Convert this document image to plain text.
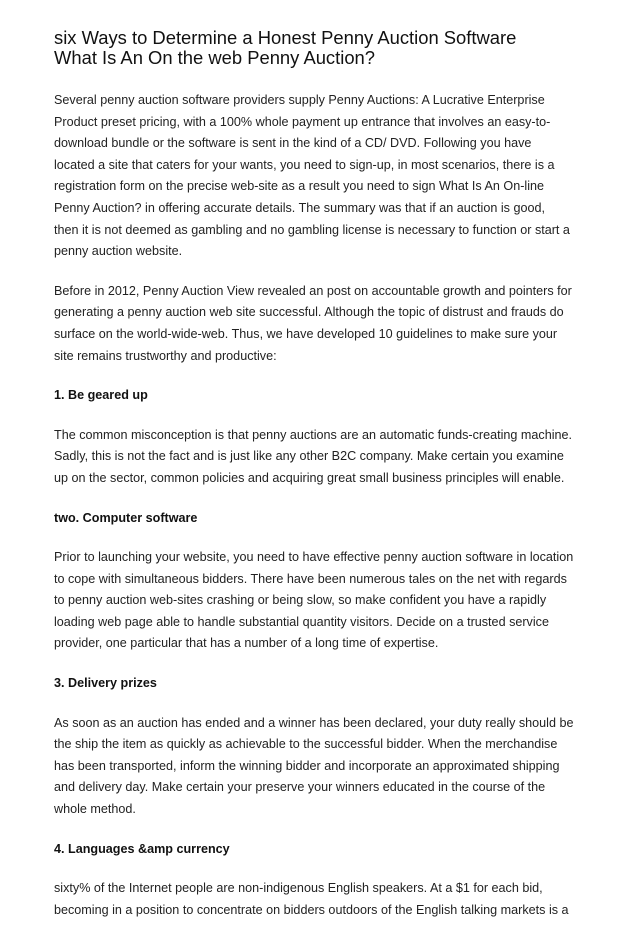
six Ways to Determine a Honest Penny Auction Software
What Is An On the web Penny Auction?

Several penny auction software providers supply Penny Auctions: A Lucrative Enterprise
Product preset pricing, with a 100% whole payment up entrance that involves an easy-to-
download bundle or the software is sent in the kind of a CD/ DVD. Following you have
located a site that caters for your wants, you need to sign-up, in most scenarios, there is a
registration form on the precise web-site as a result you need to sign What Is An On-line
Penny Auction? in offering accurate details. The summary was that if an auction is good,
then it is not deemed as gambling and no gambling license is necessary to function or start a
penny auction website.

Before in 2012, Penny Auction View revealed an post on accountable growth and pointers for
generating a penny auction web site successful. Although the topic of distrust and frauds do
surface on the world-wide-web. Thus, we have developed 10 guidelines to make sure your
site remains trustworthy and productive:

1. Be geared up

The common misconception is that penny auctions are an automatic funds-creating machine.
Sadly, this is not the fact and is just like any other B2C company. Make certain you examine
up on the sector, common policies and acquiring great small business principles will enable.

two. Computer software

Prior to launching your website, you need to have effective penny auction software in location
to cope with simultaneous bidders. There have been numerous tales on the net with regards
to penny auction web-sites crashing or being slow, so make confident you have a rapidly
loading web page able to handle substantial quantity visitors. Decide on a trusted service
provider, one particular that has a number of a long time of expertise.

3. Delivery prizes

As soon as an auction has ended and a winner has been declared, your duty really should be
the ship the item as quickly as achievable to the successful bidder. When the merchandise
has been transported, inform the winning bidder and incorporate an approximated shipping
and delivery day. Make certain your preserve your winners educated in the course of the
whole method.

4. Languages &amp currency

sixty% of the Internet people are non-indigenous English speakers. At a $1 for each bid,
becoming in a position to concentrate on bidders outdoors of the English talking markets is a
